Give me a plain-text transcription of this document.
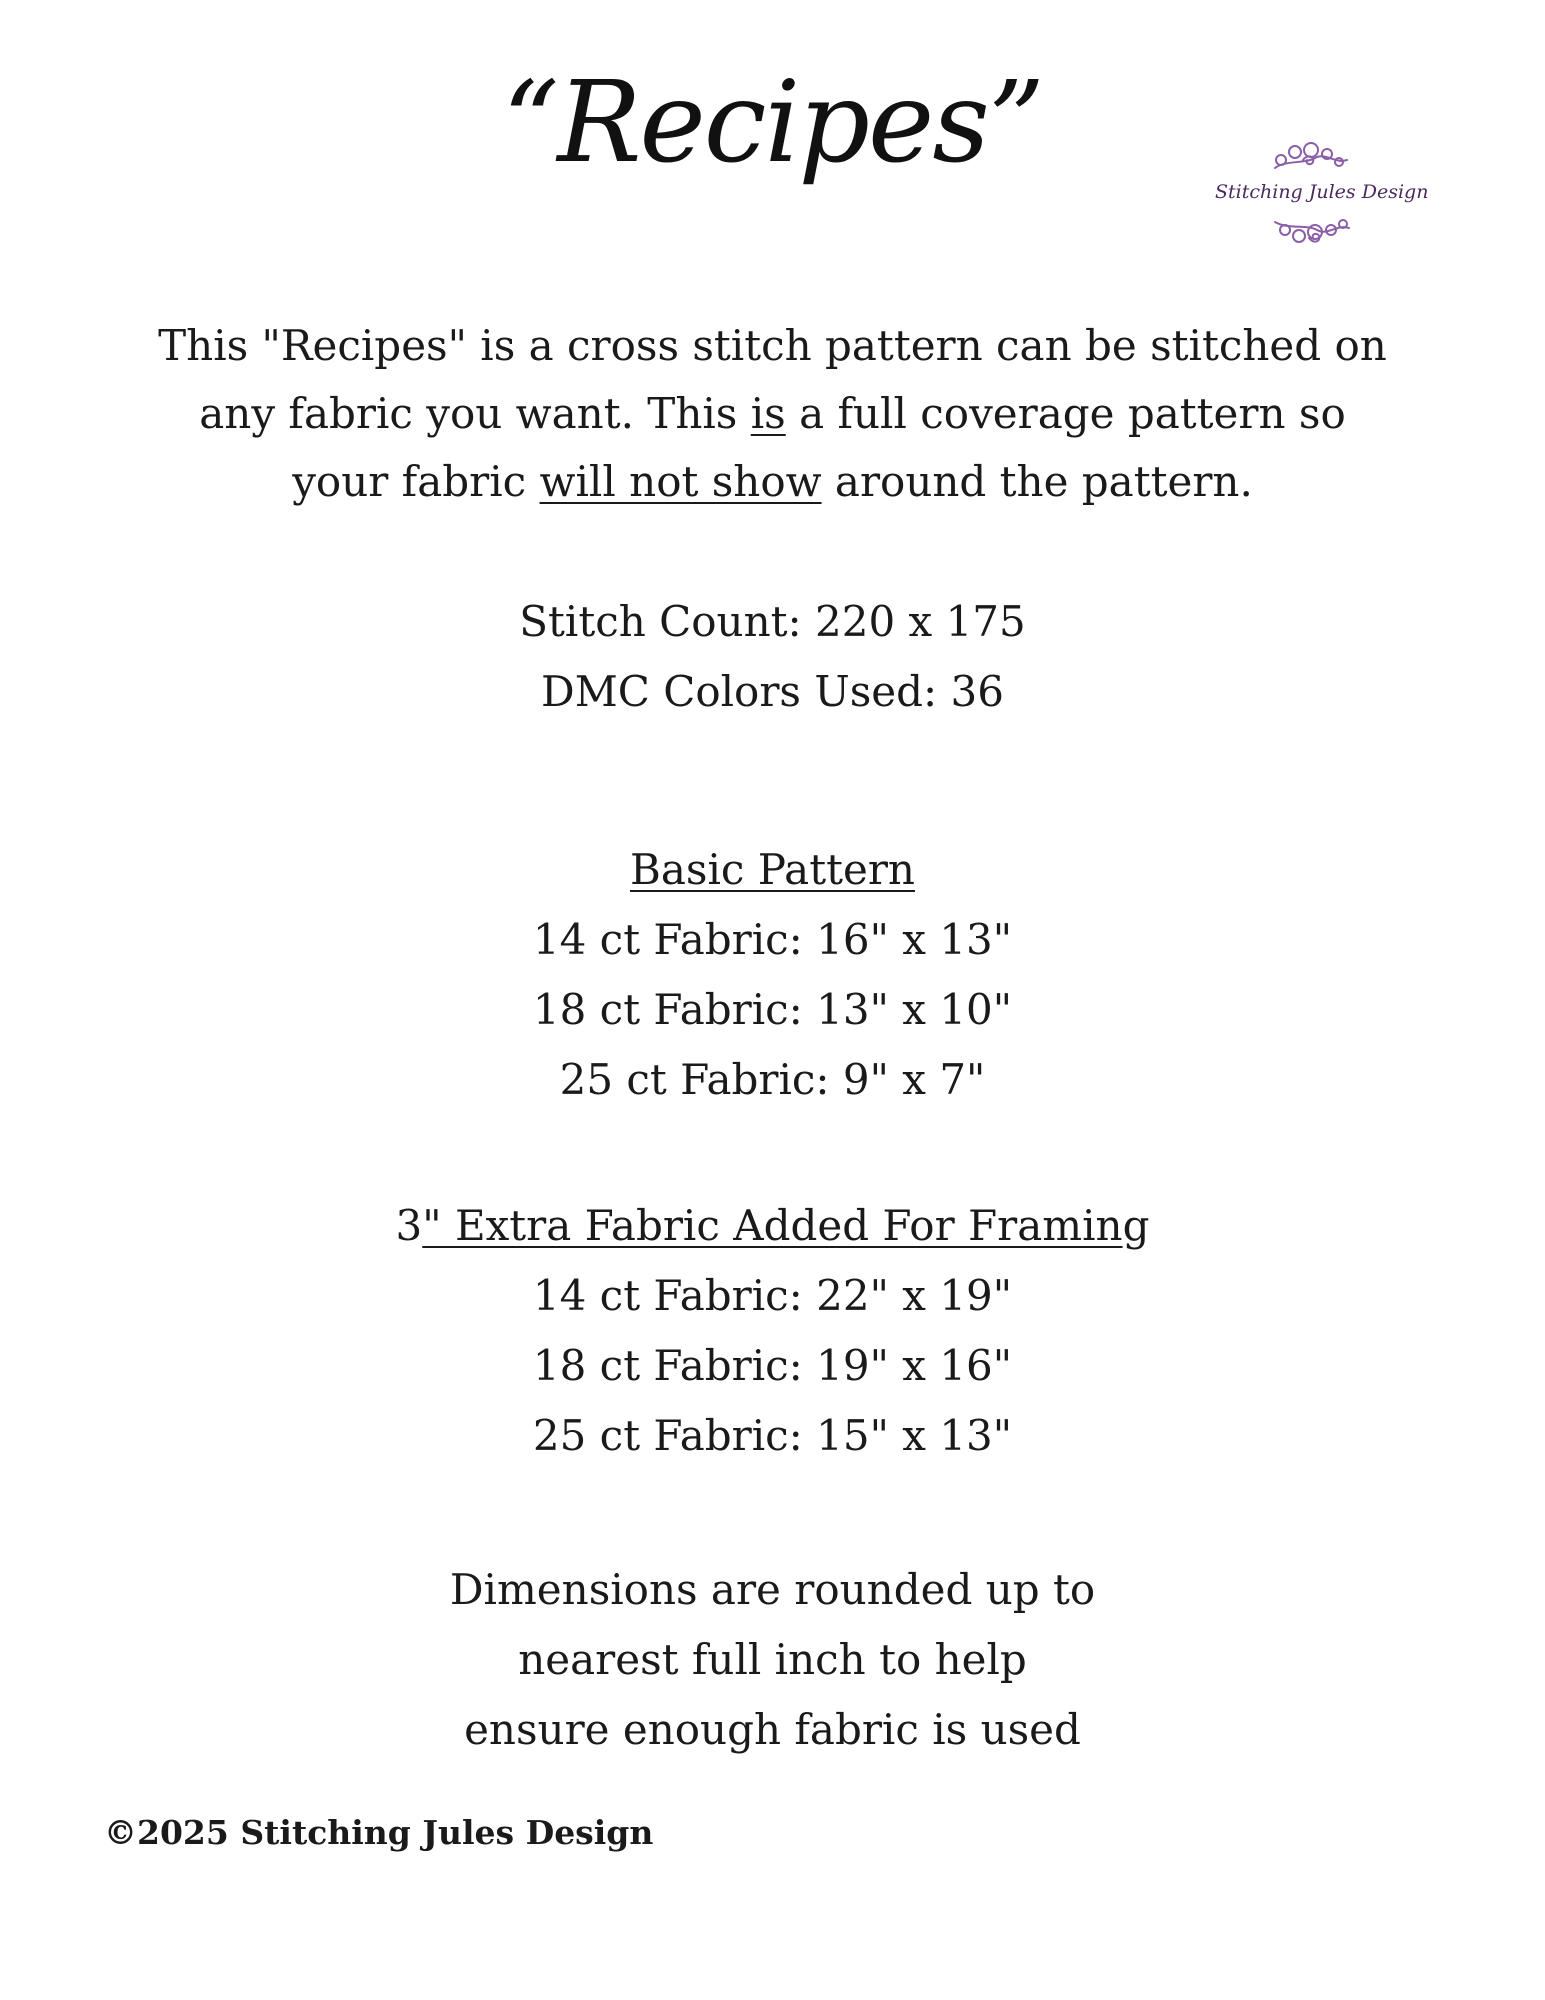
“Recipes”
Stitching Jules Design
This "Recipes" is a cross stitch pattern can be stitched on
any fabric you want. This is a full coverage pattern so
your fabric will not show around the pattern.
Stitch Count: 220 x 175
DMC Colors Used: 36
Basic Pattern
14 ct Fabric: 16" x 13"
18 ct Fabric: 13" x 10"
25 ct Fabric: 9" x 7"
3" Extra Fabric Added For Framing
14 ct Fabric: 22" x 19"
18 ct Fabric: 19" x 16"
25 ct Fabric: 15" x 13"
Dimensions are rounded up to
nearest full inch to help
ensure enough fabric is used
©2025 Stitching Jules Design
